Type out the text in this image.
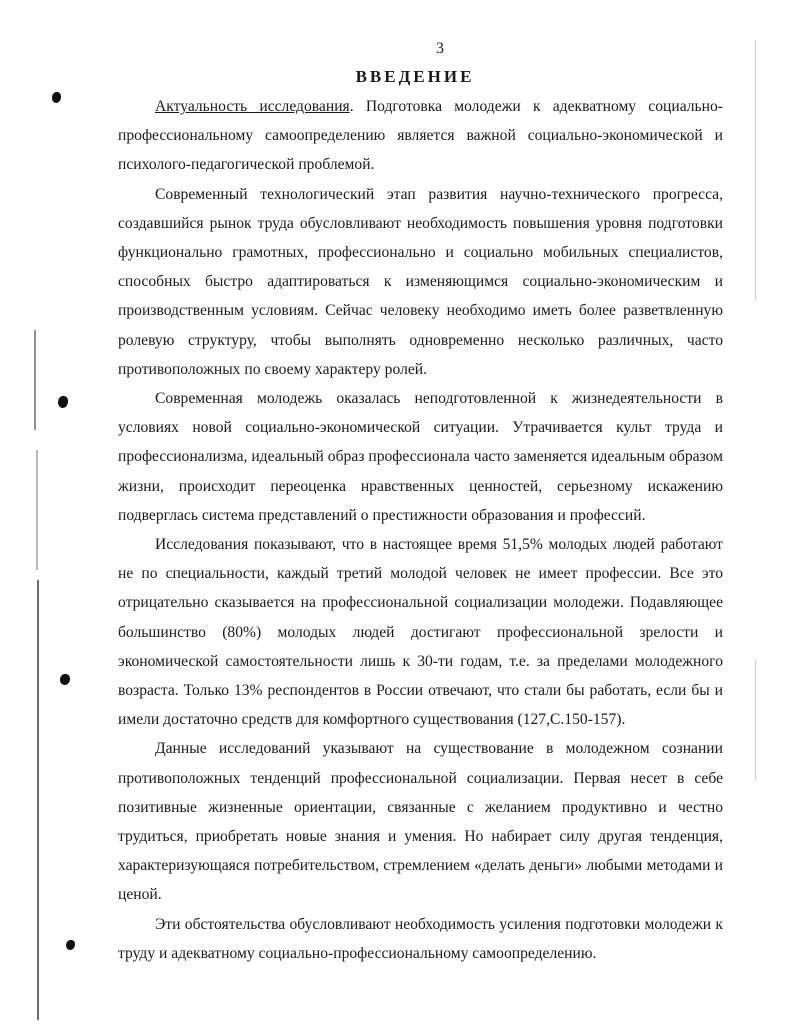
3
ВВЕДЕНИЕ

Актуальность исследования. Подготовка молодежи к адекватному социально-профессиональному самоопределению является важной социально-экономической и психолого-педагогической проблемой.

Современный технологический этап развития научно-технического прогресса, создавшийся рынок труда обусловливают необходимость повышения уровня подготовки функционально грамотных, профессионально и социально мобильных специалистов, способных быстро адаптироваться к изменяющимся социально-экономическим и производственным условиям. Сейчас человеку необходимо иметь более разветвленную ролевую структуру, чтобы выполнять одновременно несколько различных, часто противоположных по своему характеру ролей.

Современная молодежь оказалась неподготовленной к жизнедеятельности в условиях новой социально-экономической ситуации. Утрачивается культ труда и профессионализма, идеальный образ профессионала часто заменяется идеальным образом жизни, происходит переоценка нравственных ценностей, серьезному искажению подверглась система представлений о престижности образования и профессий.

Исследования показывают, что в настоящее время 51,5% молодых людей работают не по специальности, каждый третий молодой человек не имеет профессии. Все это отрицательно сказывается на профессиональной социализации молодежи. Подавляющее большинство (80%) молодых людей достигают профессиональной зрелости и экономической самостоятельности лишь к 30-ти годам, т.е. за пределами молодежного возраста. Только 13% респондентов в России отвечают, что стали бы работать, если бы и имели достаточно средств для комфортного существования (127,С.150-157).

Данные исследований указывают на существование в молодежном сознании противоположных тенденций профессиональной социализации. Первая несет в себе позитивные жизненные ориентации, связанные с желанием продуктивно и честно трудиться, приобретать новые знания и умения. Но набирает силу другая тенденция, характеризующаяся потребительством, стремлением «делать деньги» любыми методами и ценой.

Эти обстоятельства обусловливают необходимость усиления подготовки молодежи к труду и адекватному социально-профессиональному самоопределению.
